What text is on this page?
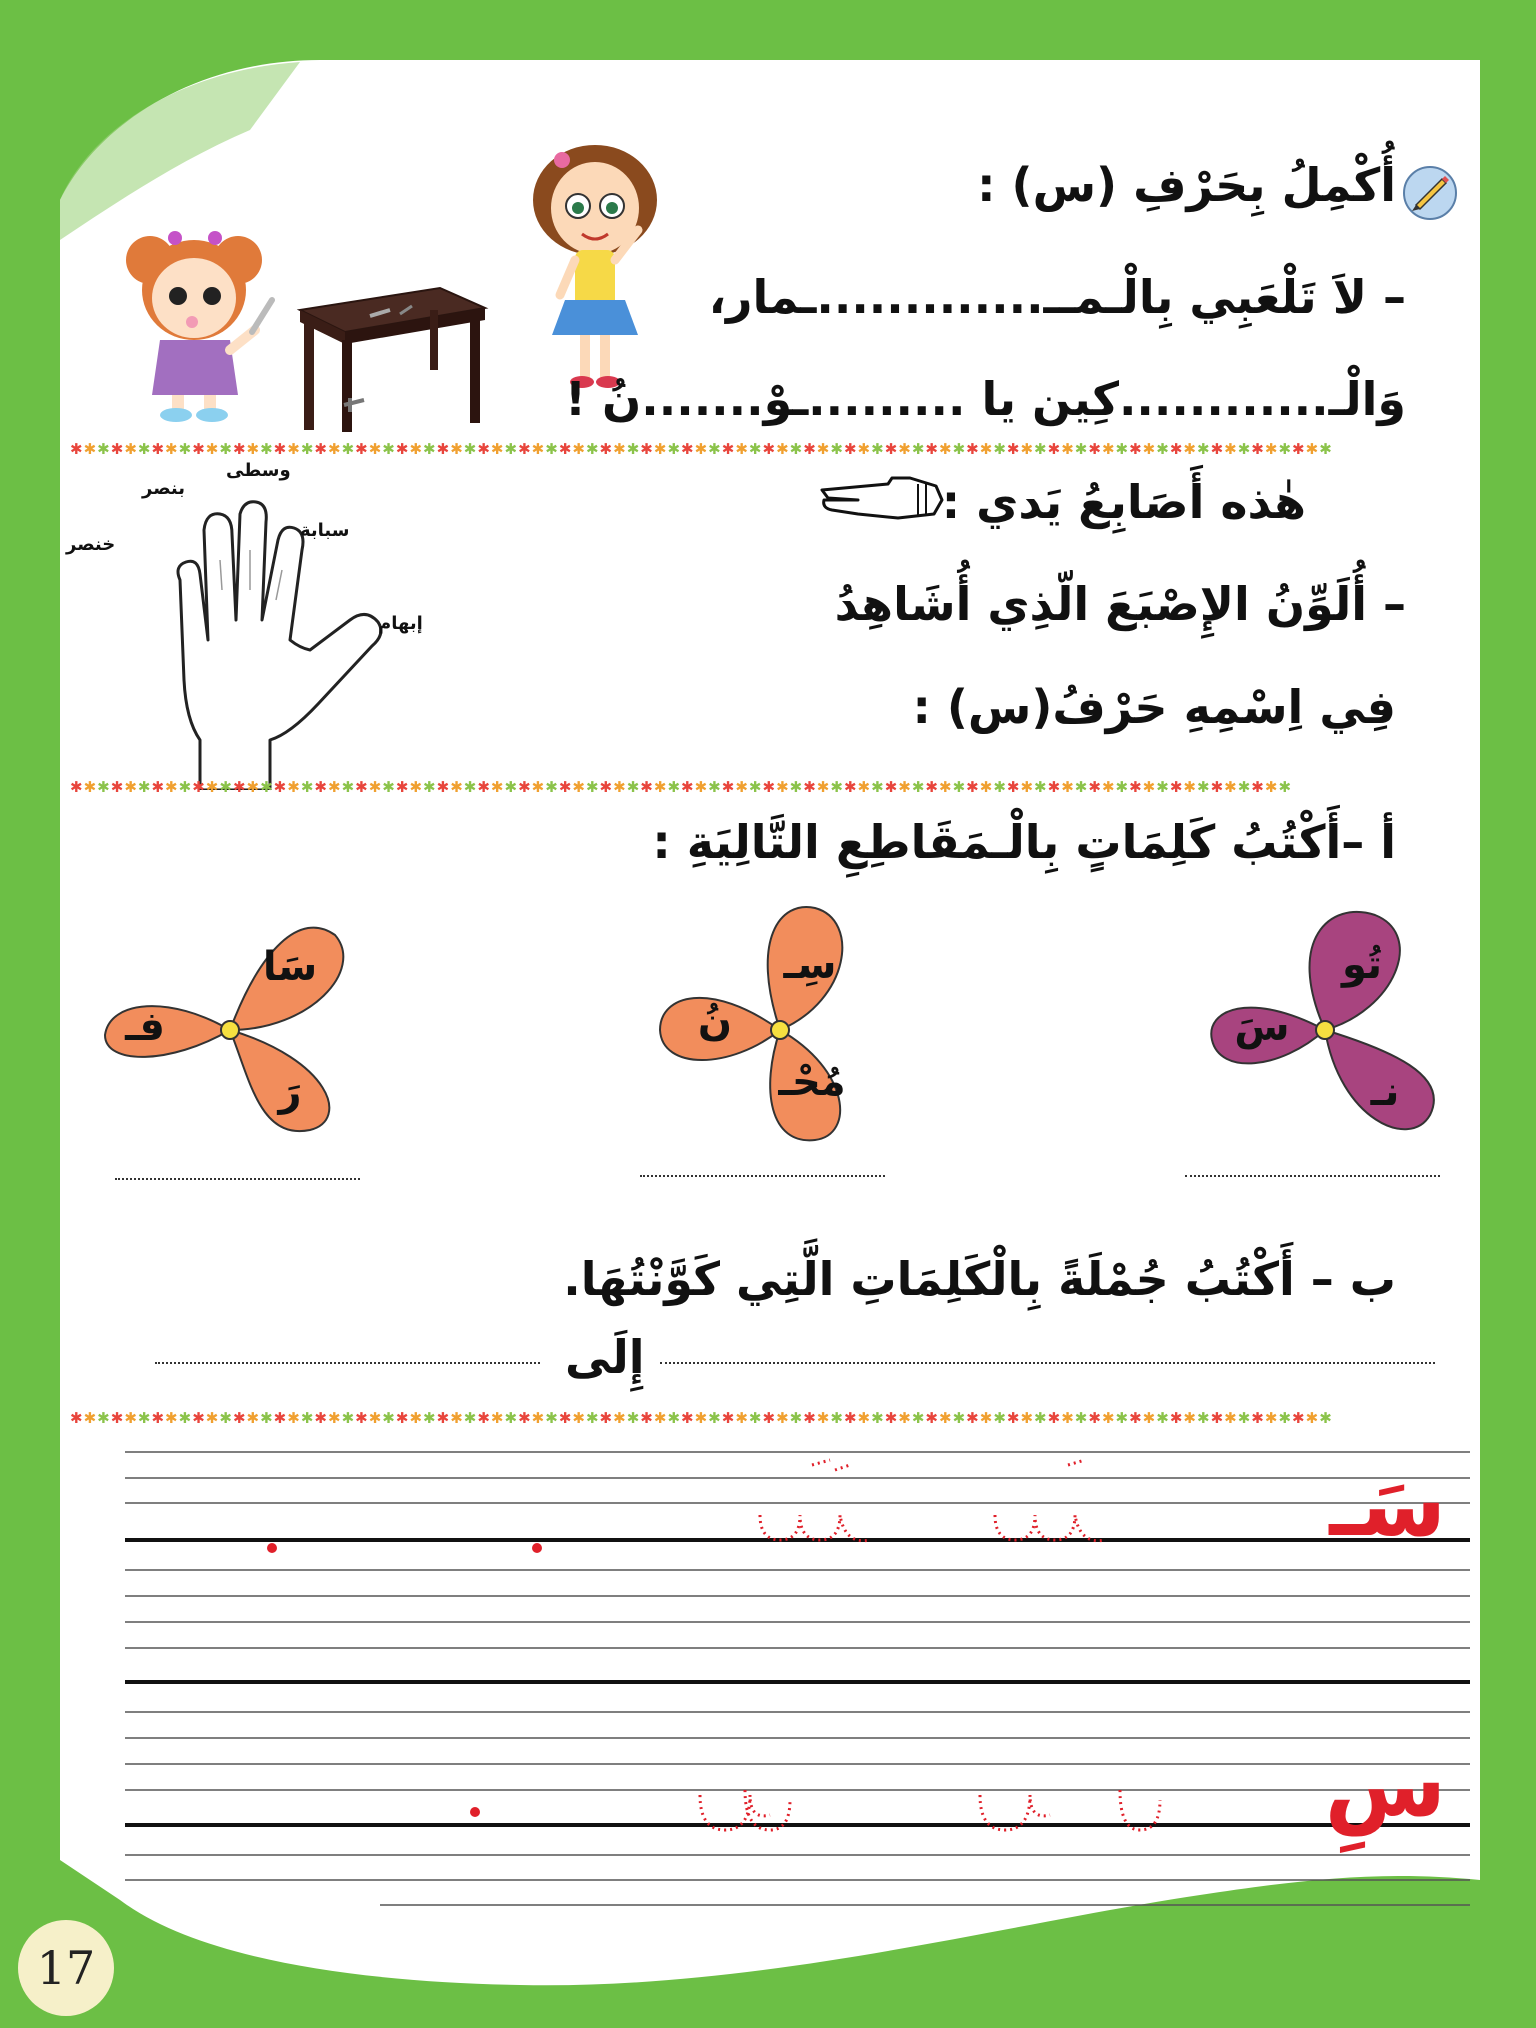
أُكْمِلُ بِحَرْفِ (س) :
– لاَ تَلْعَبِي بِالْـمــ.............ـمار،
وَالْـ............كِين يا .........ـوْ.......نُ !
✱✱✱✱✱✱✱✱✱✱✱✱✱✱✱✱✱✱✱✱✱✱✱✱✱✱✱✱✱✱✱✱✱✱✱✱✱✱✱✱✱✱✱✱✱✱✱✱✱✱✱✱✱✱✱✱✱✱✱✱✱✱✱✱✱✱✱✱✱✱✱✱✱✱✱✱✱✱✱✱✱✱✱✱✱✱✱✱✱✱✱✱✱
هٰذه أَصَابِعُ يَدي :
– أُلَوِّنُ الإِصْبَعَ الّذِي أُشَاهِدُ
فِي اِسْمِهِ حَرْفُ(س) :
خنصر
بنصر
وسطى
سبابة
إبهام
✱✱✱✱✱✱✱✱✱✱✱✱✱✱✱✱✱✱✱✱✱✱✱✱✱✱✱✱✱✱✱✱✱✱✱✱✱✱✱✱✱✱✱✱✱✱✱✱✱✱✱✱✱✱✱✱✱✱✱✱✱✱✱✱✱✱✱✱✱✱✱✱✱✱✱✱✱✱✱✱✱✱✱✱✱✱✱✱✱✱
أ –أَكْتُبُ كَلِمَاتٍ بِالْـمَقَاطِعِ التَّالِيَةِ :
تُو
سَ
نـ
سِـ
نُ
مُحْـ
سَا
فـ
رَ
ب – أَكْتُبُ جُمْلَةً بِالْكَلِمَاتِ الَّتِي كَوَّنْتُهَا.
إِلَى
✱✱✱✱✱✱✱✱✱✱✱✱✱✱✱✱✱✱✱✱✱✱✱✱✱✱✱✱✱✱✱✱✱✱✱✱✱✱✱✱✱✱✱✱✱✱✱✱✱✱✱✱✱✱✱✱✱✱✱✱✱✱✱✱✱✱✱✱✱✱✱✱✱✱✱✱✱✱✱✱✱✱✱✱✱✱✱✱✱✱✱✱✱
سَـ
سِ
17
